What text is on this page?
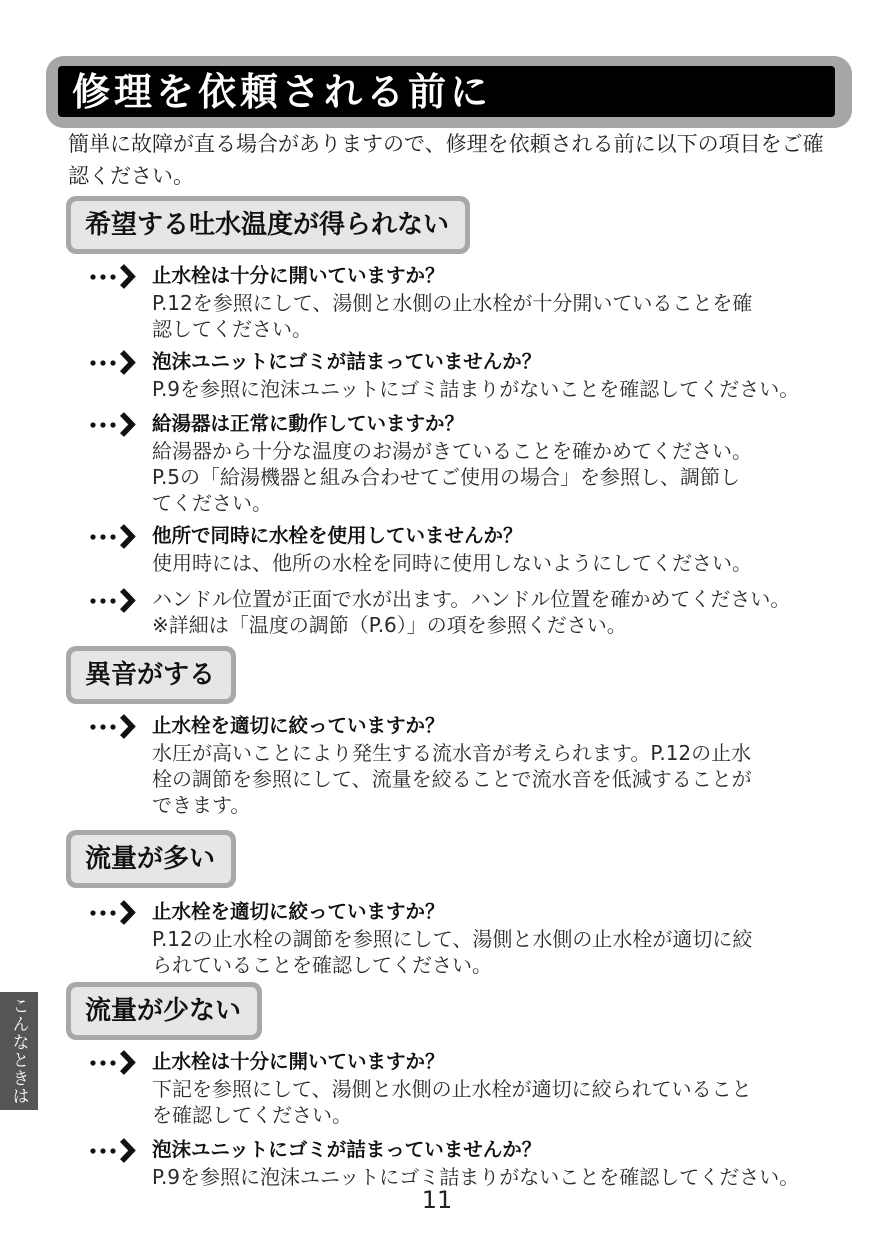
修理を依頼される前に
簡単に故障が直る場合がありますので、修理を依頼される前に以下の項目をご確認ください。
希望する吐水温度が得られない
止水栓は十分に開いていますか？
P.12を参照にして、湯側と水側の止水栓が十分開いていることを確
認してください。
泡沫ユニットにゴミが詰まっていませんか？
P.9を参照に泡沫ユニットにゴミ詰まりがないことを確認してください。
給湯器は正常に動作していますか？
給湯器から十分な温度のお湯がきていることを確かめてください。
P.5の「給湯機器と組み合わせてご使用の場合」を参照し、調節し
てください。
他所で同時に水栓を使用していませんか？
使用時には、他所の水栓を同時に使用しないようにしてください。
ハンドル位置が正面で水が出ます。ハンドル位置を確かめてください。
※詳細は「温度の調節（P.6）」の項を参照ください。
異音がする
止水栓を適切に絞っていますか？
水圧が高いことにより発生する流水音が考えられます。P.12の止水
栓の調節を参照にして、流量を絞ることで流水音を低減することが
できます。
流量が多い
止水栓を適切に絞っていますか？
P.12の止水栓の調節を参照にして、湯側と水側の止水栓が適切に絞
られていることを確認してください。
流量が少ない
止水栓は十分に開いていますか？
下記を参照にして、湯側と水側の止水栓が適切に絞られていること
を確認してください。
泡沫ユニットにゴミが詰まっていませんか？
P.9を参照に泡沫ユニットにゴミ詰まりがないことを確認してください。
こんなときは
11
